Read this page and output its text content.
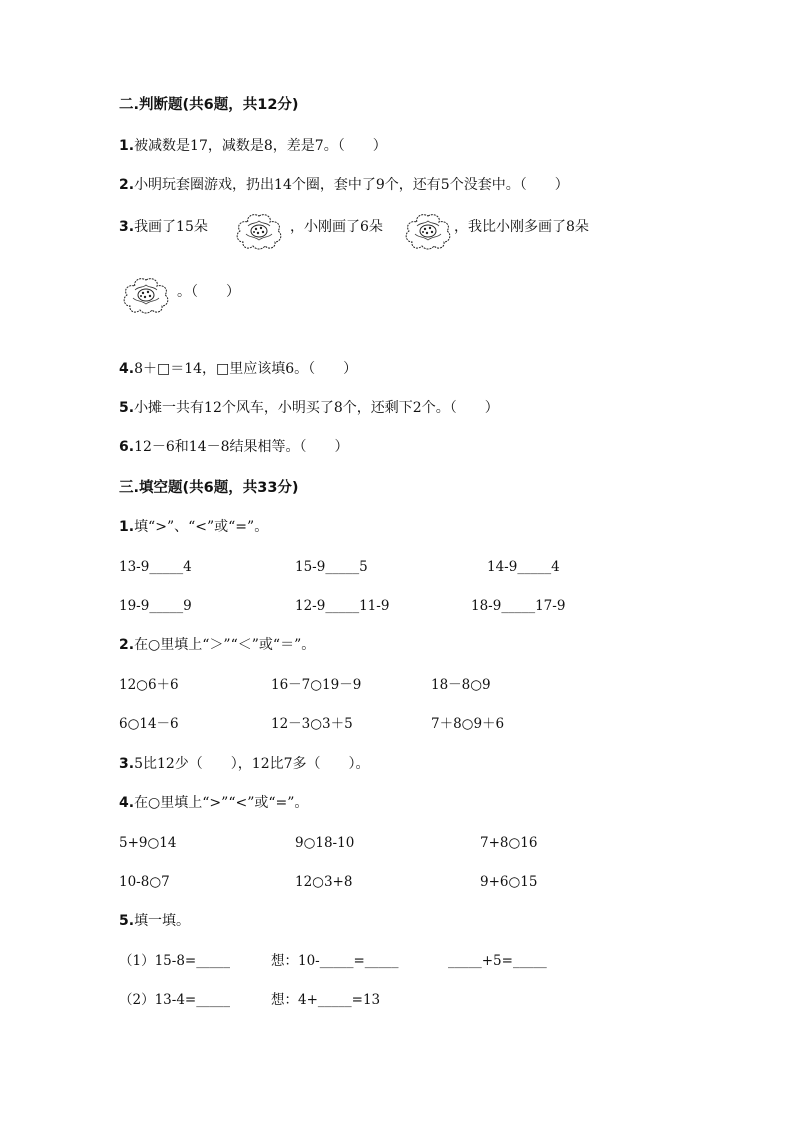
二.判断题(共6题，共12分)
1.被减数是17，减数是8，差是7。（　　）
2.小明玩套圈游戏，扔出14个圈，套中了9个，还有5个没套中。（　　）
3.我画了15朵	，小刚画了6朵	，我比小刚多画了8朵
。（　　）
4.8＋□＝14，□里应该填6。（　　）
5.小摊一共有12个风车，小明买了8个，还剩下2个。（　　）
6.12－6和14－8结果相等。（　　）
三.填空题(共6题，共33分)
1.填“>”、“<”或“=”。
13-9_____4	15-9_____5	14-9_____4
19-9_____9	12-9_____11-9	18-9_____17-9
2.在○里填上“＞”“＜”或“＝”。
12○6＋6	16－7○19－9	18－8○9
6○14－6	12－3○3＋5	7＋8○9＋6
3.5比12少（　　），12比7多（　　）。
4.在○里填上“>”“<”或“=”。
5+9○14	9○18-10	7+8○16
10-8○7	12○3+8	9+6○15
5.填一填。
（1）15-8=_____	想：10-_____=_____	_____+5=_____
（2）13-4=_____	想：4+_____=13
